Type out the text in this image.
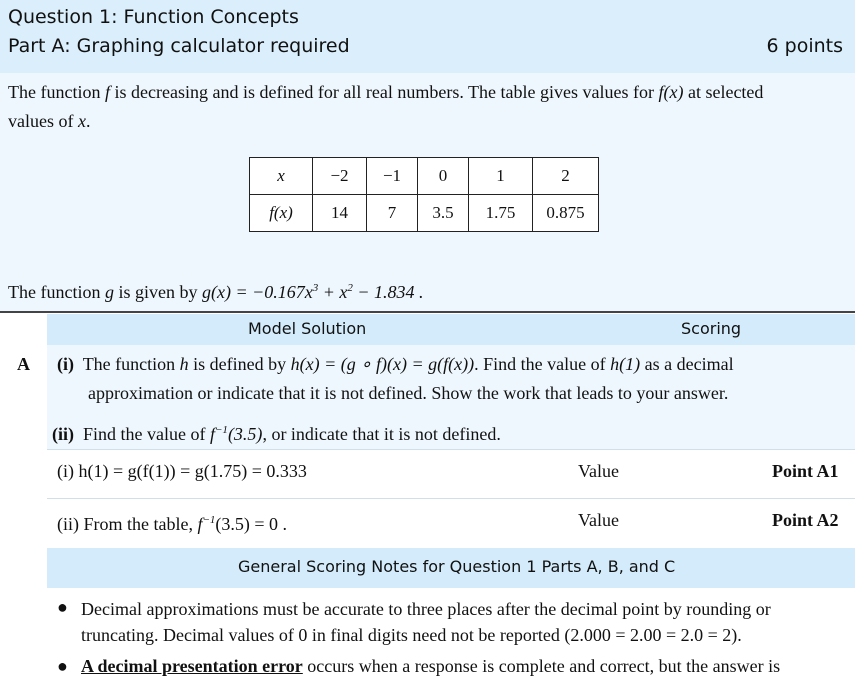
Question 1: Function Concepts
Part A: Graphing calculator required	6 points
The function f is decreasing and is defined for all real numbers. The table gives values for f(x) at selected
values of x.
x	−2	−1	0	1	2
f(x)	14	7	3.5	1.75	0.875
The function g is given by $g(x) = -0.167x^3 + x^2 - 1.834$ .
Model Solution	Scoring
A (i) The function h is defined by h(x) = (g ∘ f)(x) = g(f(x)). Find the value of h(1) as a decimal
approximation or indicate that it is not defined. Show the work that leads to your answer.
(ii) Find the value of $f^{-1}(3.5)$, or indicate that it is not defined.
(i) h(1) = g(f(1)) = g(1.75) = 0.333	Value	Point A1
(ii) From the table, $f^{-1}(3.5) = 0$ .	Value	Point A2
General Scoring Notes for Question 1 Parts A, B, and C
● Decimal approximations must be accurate to three places after the decimal point by rounding or
truncating. Decimal values of 0 in final digits need not be reported (2.000 = 2.00 = 2.0 = 2).
● A decimal presentation error occurs when a response is complete and correct, but the answer is
